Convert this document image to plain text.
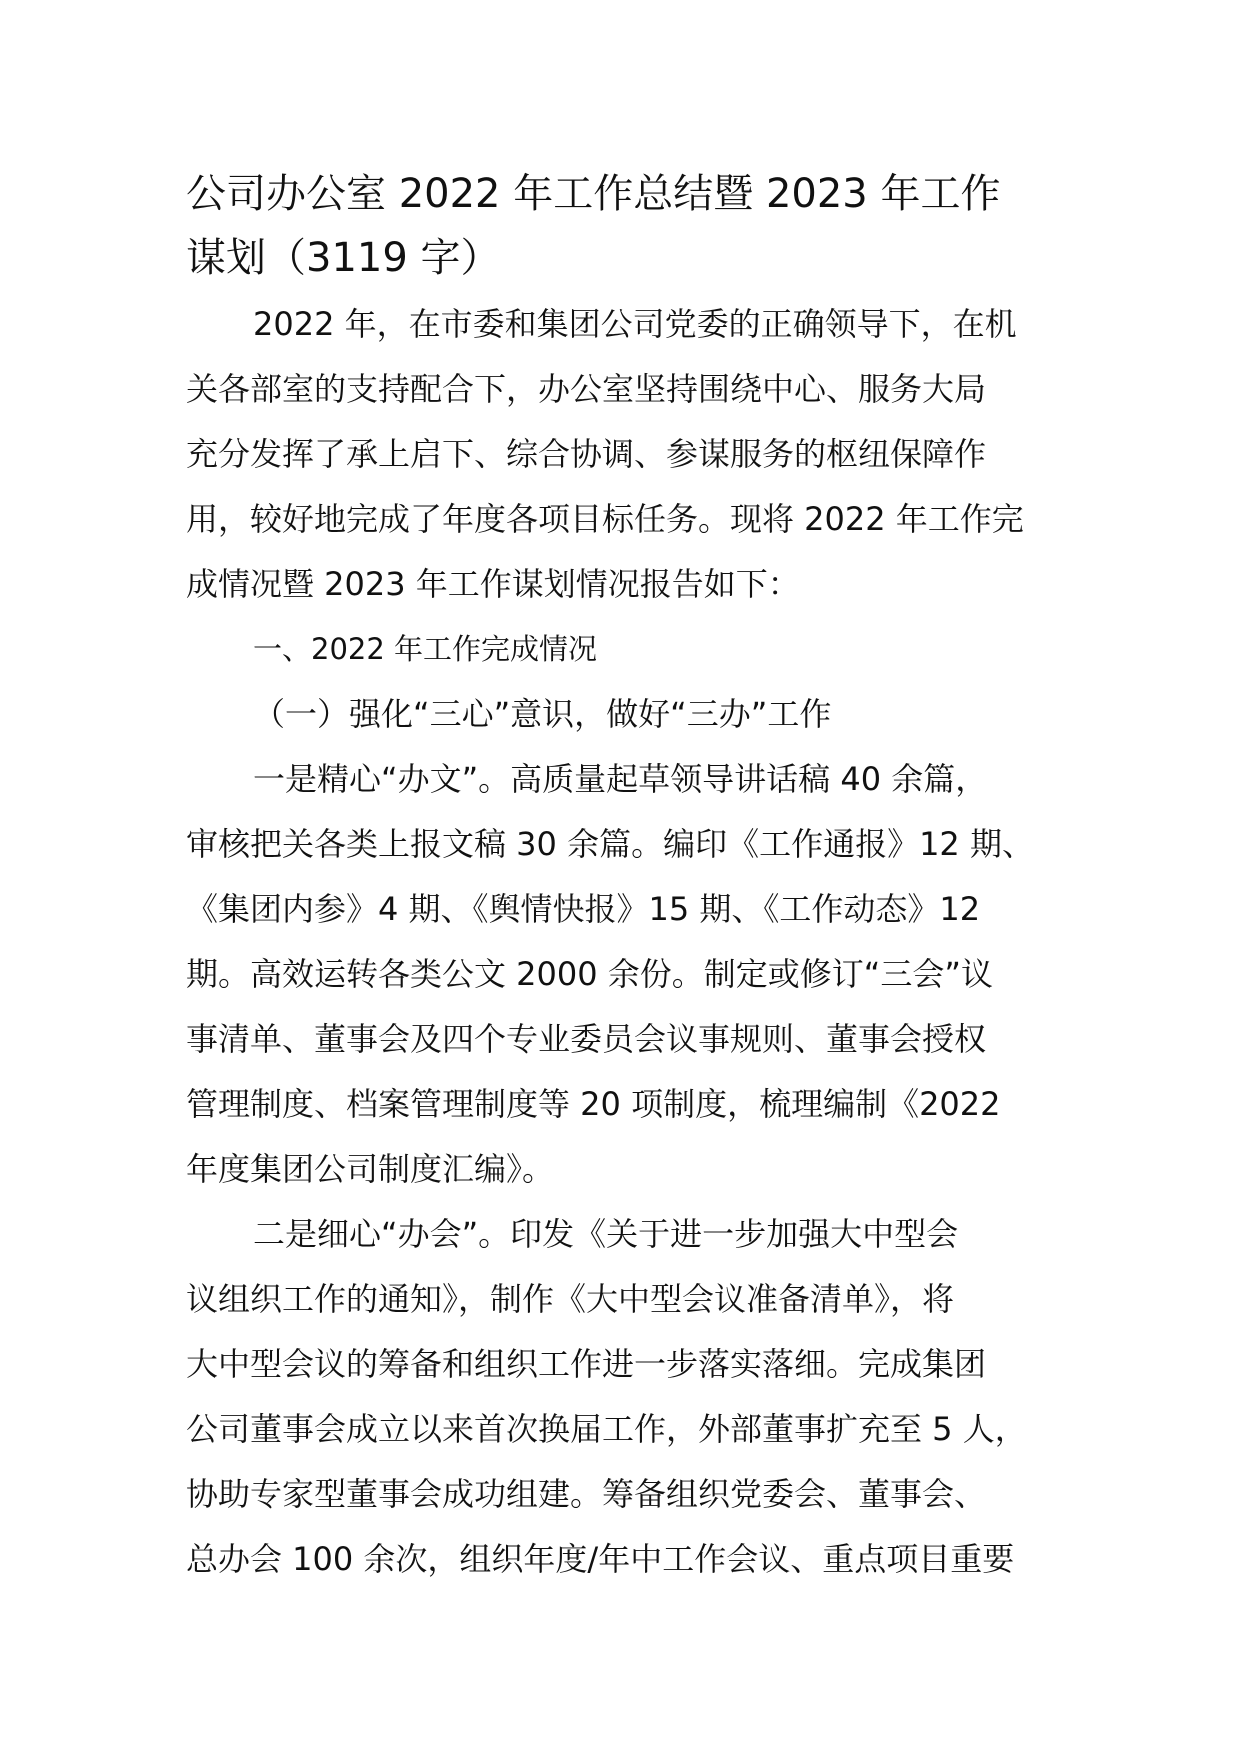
公司办公室 2022 年工作总结暨 2023 年工作
谋划（3119 字）
2022 年，在市委和集团公司党委的正确领导下，在机
关各部室的支持配合下，办公室坚持围绕中心、服务大局
充分发挥了承上启下、综合协调、参谋服务的枢纽保障作
用，较好地完成了年度各项目标任务。现将 2022 年工作完
成情况暨 2023 年工作谋划情况报告如下：
一、2022 年工作完成情况
（一）强化“三心”意识，做好“三办”工作
一是精心“办文”。高质量起草领导讲话稿 40 余篇，
审核把关各类上报文稿 30 余篇。编印《工作通报》12 期、
《集团内参》4 期、《舆情快报》15 期、《工作动态》12
期。高效运转各类公文 2000 余份。制定或修订“三会”议
事清单、董事会及四个专业委员会议事规则、董事会授权
管理制度、档案管理制度等 20 项制度，梳理编制《2022
年度集团公司制度汇编》。
二是细心“办会”。印发《关于进一步加强大中型会
议组织工作的通知》，制作《大中型会议准备清单》，将
大中型会议的筹备和组织工作进一步落实落细。完成集团
公司董事会成立以来首次换届工作，外部董事扩充至 5 人，
协助专家型董事会成功组建。筹备组织党委会、董事会、
总办会 100 余次，组织年度/年中工作会议、重点项目重要
